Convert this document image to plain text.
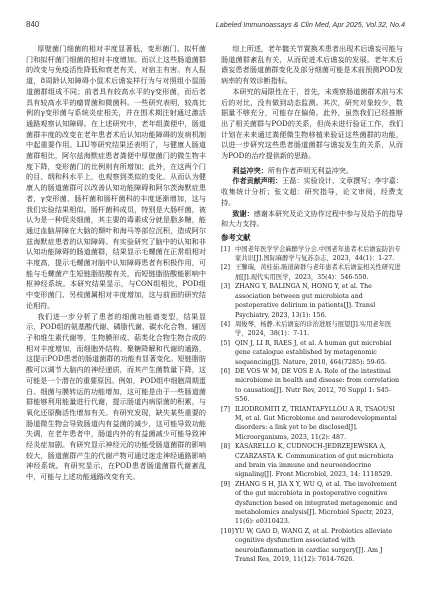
840	Labeled Immunoassays & Clin Med, Apr 2025, Vol.32, No.4

厚壁菌门细菌的相对丰度显著低，变形菌门、拟杆菌门和拟杆菌门细菌的相对丰度增加。而以上这些肠道菌群的改变与免疫活性降低和衰老有关，对宿主有害。有人报道，8周龄认知障碍小鼠术后谵妄样行为与对照组小鼠肠道菌群组成不同；前者具有较高水平的γ变形菌，而后者具有较高水平的瘤胃菌和微菌科。一些研究表明，较高比例的γ变形菌与系统炎症相关，并在围术期注射通过激活通路观察认知障碍。在上述研究中，老年组粪便中，肠道菌群丰度的改变在老年患者术后认知功能障碍的发病机制中起重要作用。LIU等研究结果还表明了，与健康人肠道菌群相比，阿尔兹海默症患者粪便中厚壁菌门的微生物丰度下降，变形菌门的比例则有所增加；此外，在这两个门的目、纲和科水平上，也观察到类似的变化，从而认为健康人的肠道菌群可以改善认知功能障碍和阿尔茨海默症患者，γ变形菌、肠杆菌和肠杆菌科的丰度逐渐增加，这与我们实验结果相似。肠杆菌科成员，特别是大肠杆菌，被认为是一种促炎细菌，其主要的毒素成分就是脂多糖，能通过血脑屏障在大脑的颞叶和海马等部位沉积，造成阿尔兹海默症患者的认知障碍。有实验研究了脑中的认知和非认知功能障碍的肠道菌群，结果显示毛螺菌在正常组相对丰度高，提示毛螺菌对脑中认知障碍患者有积极作用，可能与毛螺菌产生短链脂肪酸有关，而短链脂肪酸能影响中枢神经系统。本研究结果显示，与CON组相比，POD组中变形菌门、另枝菌属相对丰度增加，这与前面的研究结论相符。

我们进一步分析了患者的细菌功能谱变型，结果显示，POD组的氨基酸代谢、磷脂代谢、碳水化合物、辅因子和维生素代谢等，生物膜形成、萜类化合物生物合成的相对丰度增加，而细胞外结构、聚糖降解和代谢的通路，这提示POD患者的肠道菌群的功能有显著变化。短链脂肪酸可以调节大脑内的神经递质，而其产生菌数量下降，这可能是一个潜在的重要原因。例如，POD组中细胞周期蛋白、细菌与膜转运的功能增加，这可能是由于一些肠道菌群能够利用能量进行代谢，提示肠道内病原菌的积累，与氧化还原酶活性增加有关。有研究发现，缺失某些重要的肠道微生物会导致肠道内有益菌的减少，这可能导致功能失调，在老年患者中，肠道内外的有益菌减少可能导致神经炎症加剧。有研究显示神经元的功能受肠道菌群的影响较大，肠道菌群产生的代谢产物可通过迷走神经通路影响神经系统。有研究显示，在POD患者肠道菌群代谢紊乱中，可能与上述功能通路改变有关。

综上所述，老年髋关节置换术患者出现术后谵妄可能与肠道菌群紊乱有关，从而促进术后谵妄的发展。老年术后谵妄患者肠道菌群变化及部分细菌可能是术前预测POD发病率的有效诊断指标。

本研究的局限性在于，首先，未观察肠道菌群术前与术后的对比，没有做到动态监测。其次，研究对象较少，数据量不够充分，可能存在偏倚。此外，虽然我们已经推断出了相关菌群与POD的关系，但尚未进行验证工作，我们计划在未来通过粪便微生物移植来验证这些菌群的功能，以进一步研究这些患者肠道菌群与谵妄发生的关系，从而为POD的治疗提供新的思路。

利益冲突：所有作者声明无利益冲突。

作者贡献声明：王磊：实验设计、文章撰写；李宇嘉：收集统计分析；张文超：研究指导，论文审阅，经费支持。

致谢：感谢本研究及论文协作过程中参与及给予的指导和大力支持。

参考文献
[1] 中国老年医学学会麻醉学分会.中国老年患者术后谵妄防治专家共识[J].国际麻醉学与复苏杂志，2023，44(1)：1-27.
[2] 王馨瑞，黄桂茹.肠道菌群与老年患者术后谵妄相关性研究进展[J].现代实用医学，2023，35(4)：546-550.
[3] ZHANG Y, BALINGA N, HONG Y, et al. The association between gut microbiota and postoperative delirium in patients[J]. Transl Psychiatry, 2023, 13(1): 156.
[4] 周俊琴，杨静.术后谵妄的诊治进展与展望[J].实用老年医学，2024，38(1)：7-11.
[5] QIN J, LI R, RAES J, et al. A human gut microbial gene catalogue established by metagenomic sequencing[J]. Nature, 2010, 464(7285): 59-65.
[6] DE VOS W M, DE VOS E A. Role of the intestinal microbiome in health and disease: from correlation to causation[J]. Nutr Rev, 2012, 70 Suppl 1: S45-S56.
[7] ILIODROMITI Z, TRIANTAFYLLOU A R, TSAOUSI M, et al. Gut Microbiome and neurodevelopmental disorders: a link yet to be disclosed[J]. Microorganisms, 2023, 11(2): 487.
[8] KASARELLO K, CUDNOCH-JEDRZEJEWSKA A, CZARZASTA K. Communication of gut microbiota and brain via immune and neuroendocrine signaling[J]. Front Microbiol, 2023, 14: 1118529.
[9] ZHANG S H, JIA X Y, WU Q, et al. The involvement of the gut microbiota in postoperative cognitive dysfunction based on integrated metagenomic and metabolomics analysis[J]. Microbiol Spectr, 2023, 11(6): e0310423.
[10] YU W, GAO D, WANG Z, et al. Probiotics alleviate cognitive dysfunction associated with neuroinflammation in cardiac surgery[J]. Am J Transl Res, 2019, 11(12): 7614-7626.
